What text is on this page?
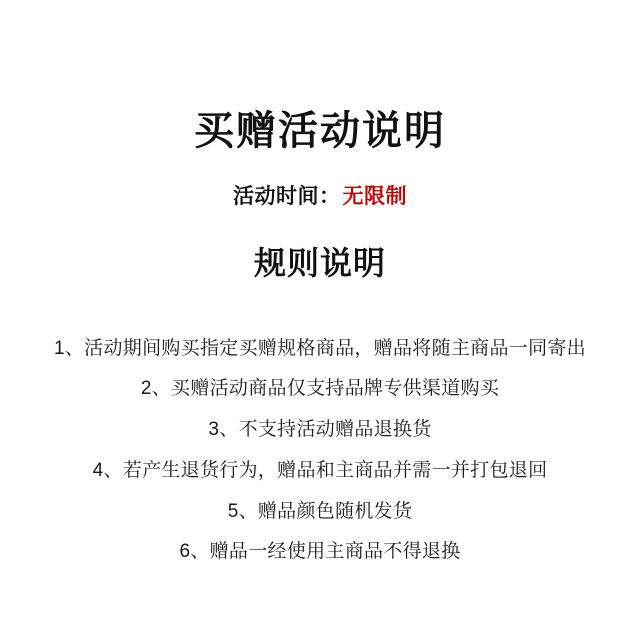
买赠活动说明
活动时间： 无限制
规则说明
1、活动期间购买指定买赠规格商品，赠品将随主商品一同寄出
2、买赠活动商品仅支持品牌专供渠道购买
3、不支持活动赠品退换货
4、若产生退货行为，赠品和主商品并需一并打包退回
5、赠品颜色随机发货
6、赠品一经使用主商品不得退换
